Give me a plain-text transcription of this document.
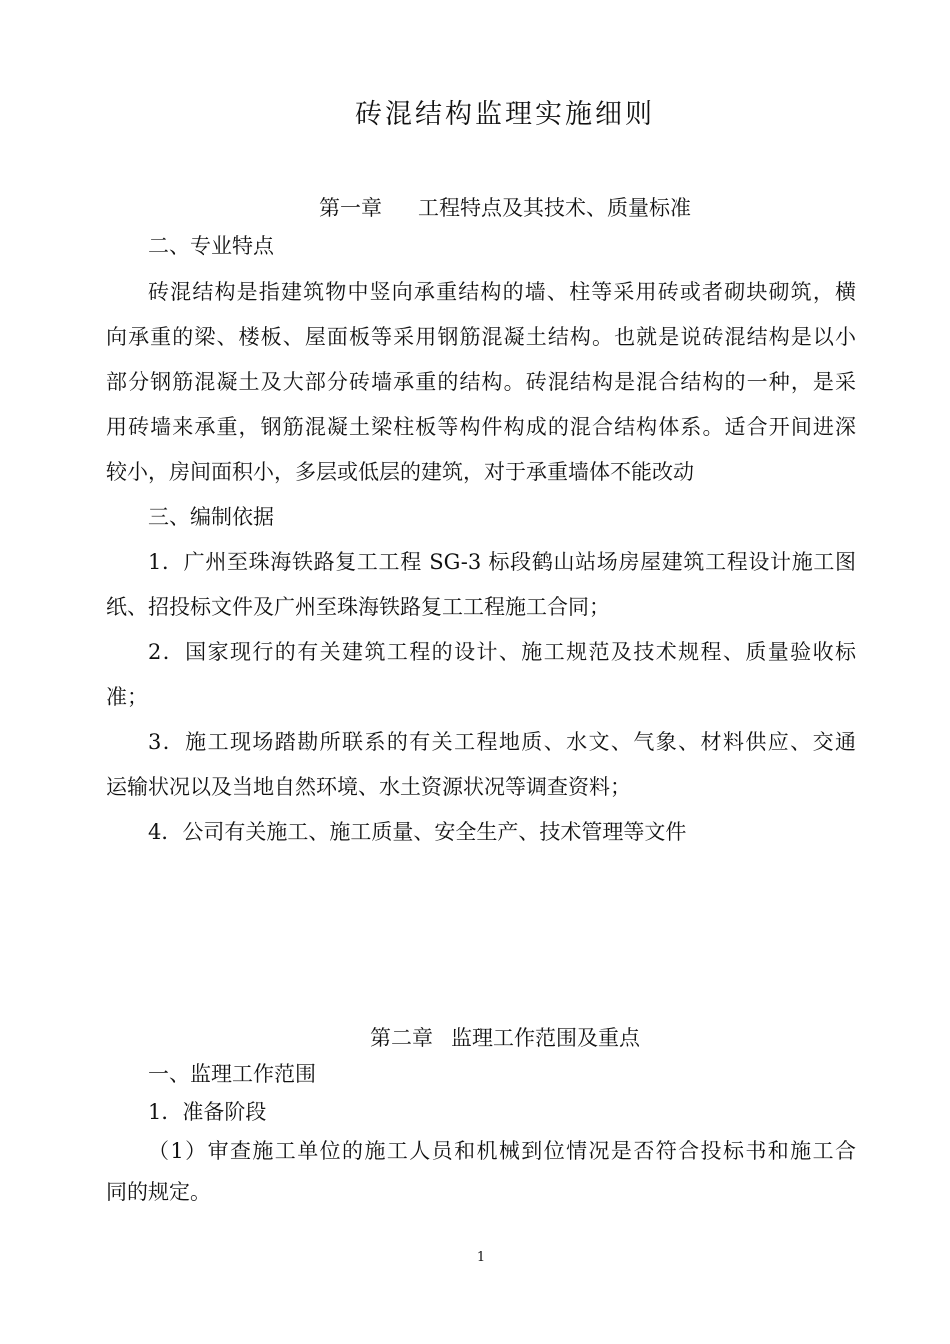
砖混结构监理实施细则
第一章 工程特点及其技术、质量标准
二、专业特点
砖混结构是指建筑物中竖向承重结构的墙、柱等采用砖或者砌块砌筑，横
向承重的梁、楼板、屋面板等采用钢筋混凝土结构。也就是说砖混结构是以小
部分钢筋混凝土及大部分砖墙承重的结构。砖混结构是混合结构的一种，是采
用砖墙来承重，钢筋混凝土梁柱板等构件构成的混合结构体系。适合开间进深
较小，房间面积小，多层或低层的建筑，对于承重墙体不能改动
三、编制依据
1．广州至珠海铁路复工工程 SG-3 标段鹤山站场房屋建筑工程设计施工图
纸、招投标文件及广州至珠海铁路复工工程施工合同；
2．国家现行的有关建筑工程的设计、施工规范及技术规程、质量验收标
准；
3．施工现场踏勘所联系的有关工程地质、水文、气象、材料供应、交通
运输状况以及当地自然环境、水土资源状况等调查资料；
4．公司有关施工、施工质量、安全生产、技术管理等文件
第二章 监理工作范围及重点
一、监理工作范围
1．准备阶段
（1）审查施工单位的施工人员和机械到位情况是否符合投标书和施工合
同的规定。
1
